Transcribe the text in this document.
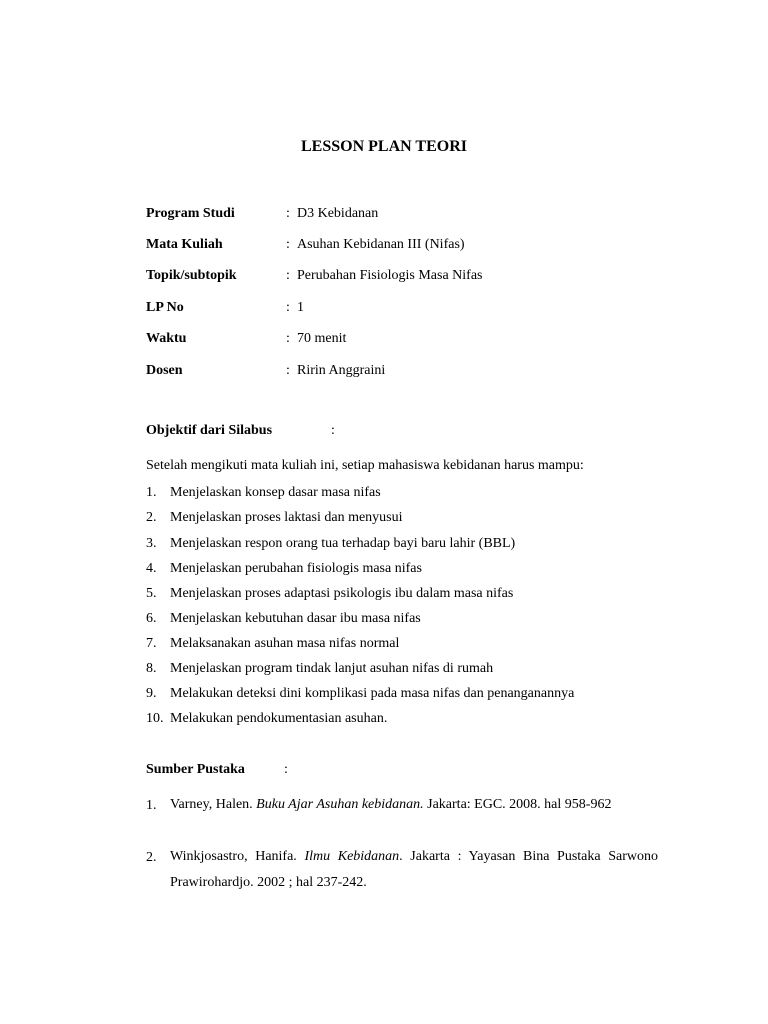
LESSON PLAN TEORI
Program Studi	: D3 Kebidanan
Mata Kuliah	: Asuhan Kebidanan III (Nifas)
Topik/subtopik	: Perubahan Fisiologis Masa Nifas
LP No	: 1
Waktu	: 70 menit
Dosen	: Ririn Anggraini
Objektif dari Silabus	:
Setelah mengikuti mata kuliah ini, setiap mahasiswa kebidanan harus mampu:
1. Menjelaskan konsep dasar masa nifas
2. Menjelaskan proses laktasi dan menyusui
3. Menjelaskan respon orang tua terhadap bayi baru lahir (BBL)
4. Menjelaskan perubahan fisiologis masa nifas
5. Menjelaskan proses adaptasi psikologis ibu dalam masa nifas
6. Menjelaskan kebutuhan dasar ibu masa nifas
7. Melaksanakan asuhan masa nifas normal
8. Menjelaskan program tindak lanjut asuhan nifas di rumah
9. Melakukan deteksi dini komplikasi pada masa nifas dan penanganannya
10. Melakukan pendokumentasian asuhan.
Sumber Pustaka	:
1. Varney, Halen. Buku Ajar Asuhan kebidanan. Jakarta: EGC. 2008. hal 958-962
2. Winkjosastro, Hanifa. Ilmu Kebidanan. Jakarta : Yayasan Bina Pustaka Sarwono Prawirohardjo. 2002 ; hal 237-242.
